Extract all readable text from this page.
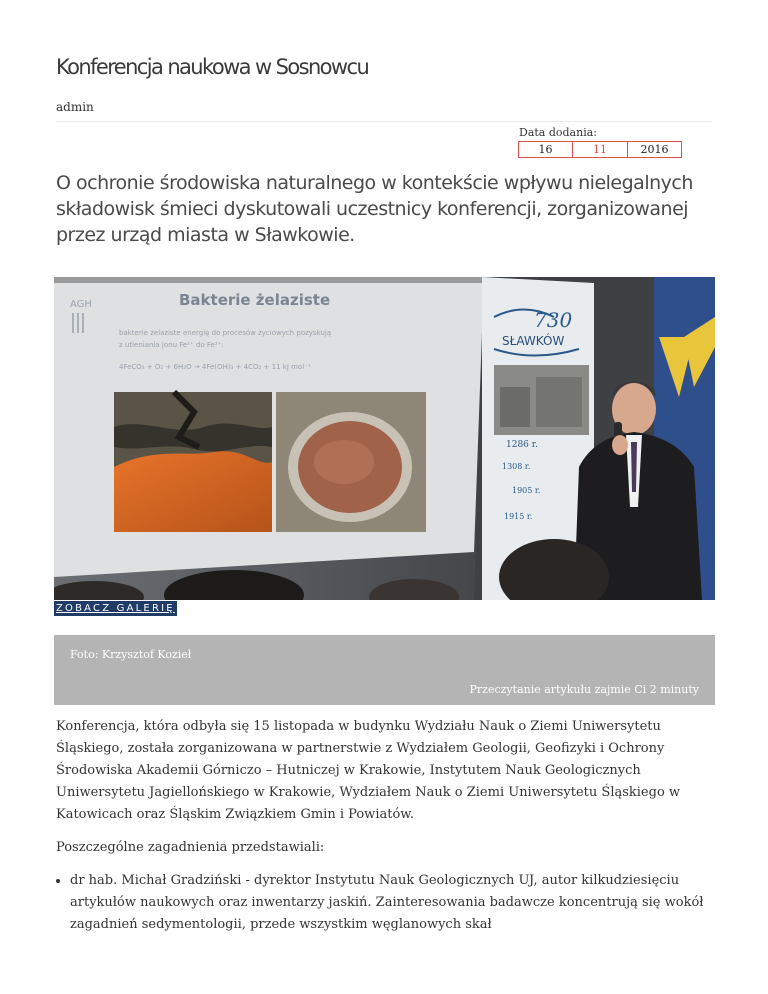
Konferencja naukowa w Sosnowcu
admin
Data dodania:
16	11	2016
O ochronie środowiska naturalnego w kontekście wpływu nielegalnych składowisk śmieci dyskutowali uczestnicy konferencji, zorganizowanej przez urząd miasta w Sławkowie.
AGH	Bakterie żelaziste
bakterie żelaziste energię do procesów życiowych pozyskują
z utleniania jonu Fe²⁺ do Fe³⁺:
4FeCO₃ + O₂ + 6H₂O → 4Fe(OH)₃ + 4CO₂ + 11 kJ mol⁻¹
730
SŁAWKÓW
1286 r.
1308 r.
1905 r.
1915 r.
ZOBACZ GALERIĘ
Foto: Krzysztof Kozieł
Przeczytanie artykułu zajmie Ci 2 minuty

Konferencja, która odbyła się 15 listopada w budynku Wydziału Nauk o Ziemi Uniwersytetu Śląskiego, została zorganizowana w partnerstwie z Wydziałem Geologii, Geofizyki i Ochrony Środowiska Akademii Górniczo – Hutniczej w Krakowie, Instytutem Nauk Geologicznych Uniwersytetu Jagiellońskiego w Krakowie, Wydziałem Nauk o Ziemi Uniwersytetu Śląskiego w Katowicach oraz Śląskim Związkiem Gmin i Powiatów.

Poszczególne zagadnienia przedstawiali:

• dr hab. Michał Gradziński - dyrektor Instytutu Nauk Geologicznych UJ, autor kilkudziesięciu artykułów naukowych oraz inwentarzy jaskiń. Zainteresowania badawcze koncentrują się wokół zagadnień sedymentologii, przede wszystkim węglanowych skał
